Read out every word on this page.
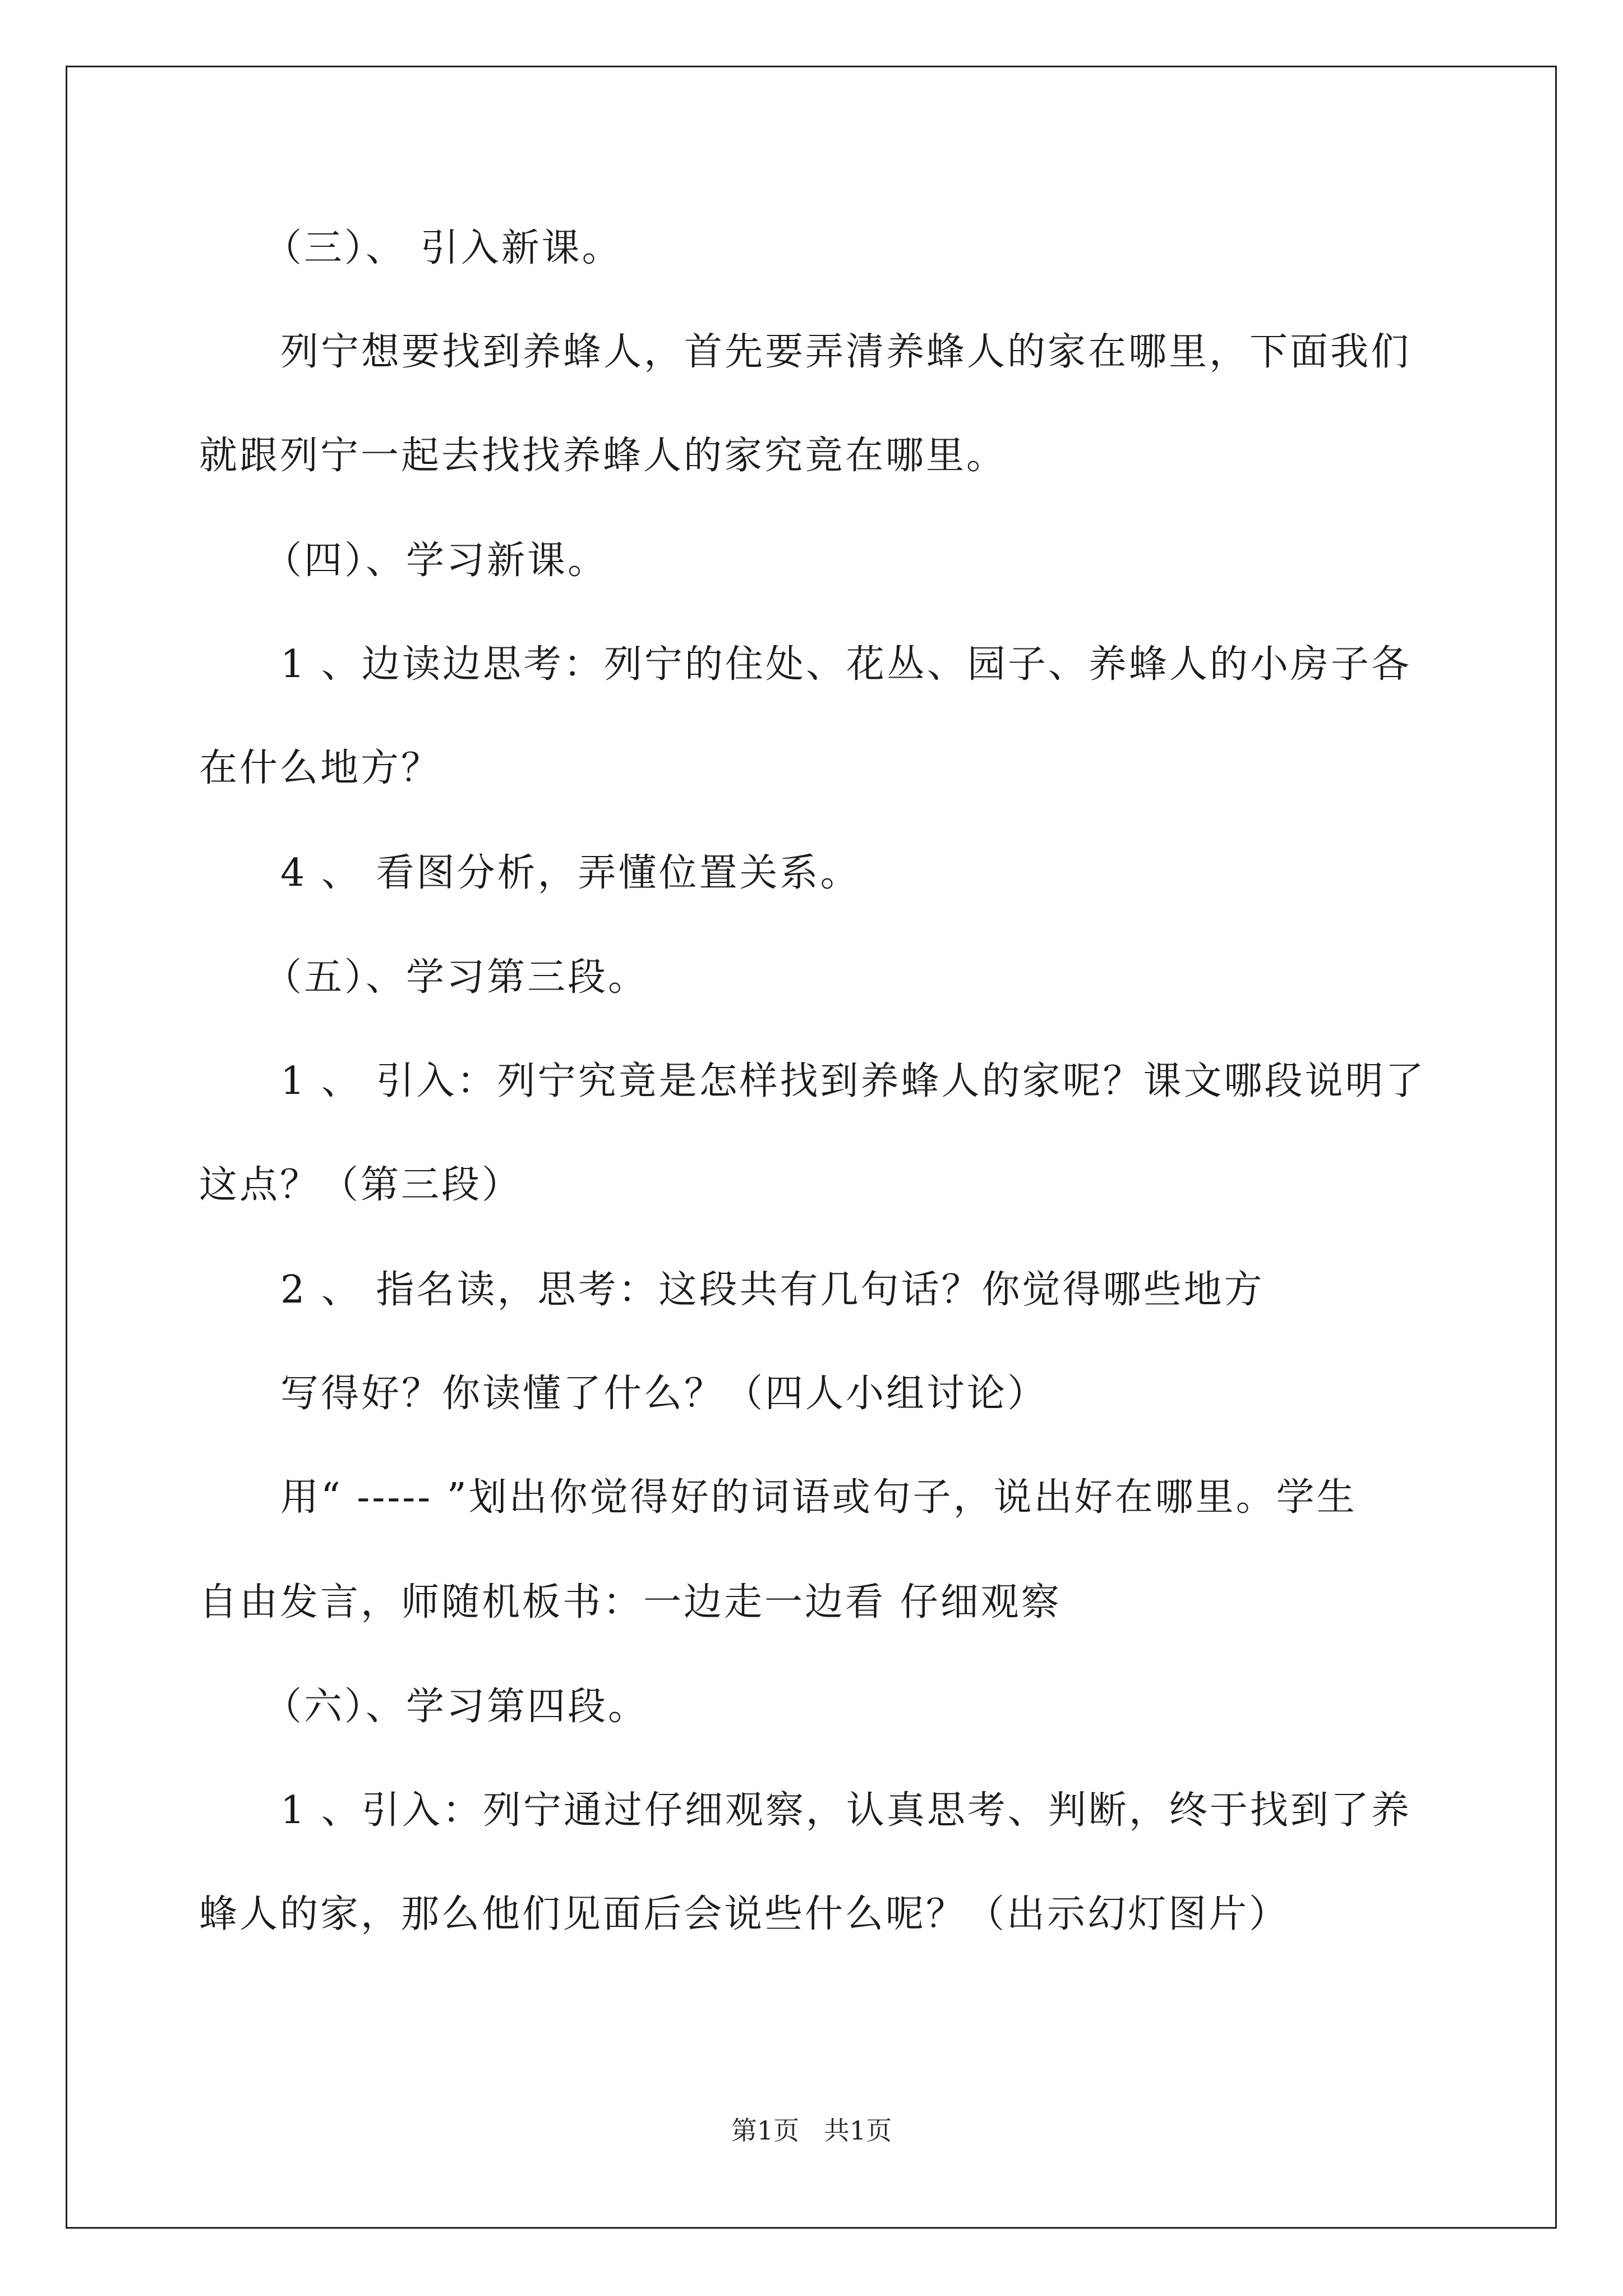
（三）、 引入新课。
列宁想要找到养蜂人，首先要弄清养蜂人的家在哪里，下面我们
就跟列宁一起去找找养蜂人的家究竟在哪里。
（四）、学习新课。
1 、边读边思考：列宁的住处、花丛、园子、养蜂人的小房子各
在什么地方？
4 、 看图分析，弄懂位置关系。
（五）、学习第三段。
1 、 引入：列宁究竟是怎样找到养蜂人的家呢？课文哪段说明了
这点？（第三段）
2 、 指名读，思考：这段共有几句话？你觉得哪些地方
写得好？你读懂了什么？（四人小组讨论）
用“ ----- ”划出你觉得好的词语或句子，说出好在哪里。学生
自由发言，师随机板书：一边走一边看 仔细观察
（六）、学习第四段。
1 、引入：列宁通过仔细观察，认真思考、判断，终于找到了养
蜂人的家，那么他们见面后会说些什么呢？（出示幻灯图片）
第1页   共1页
